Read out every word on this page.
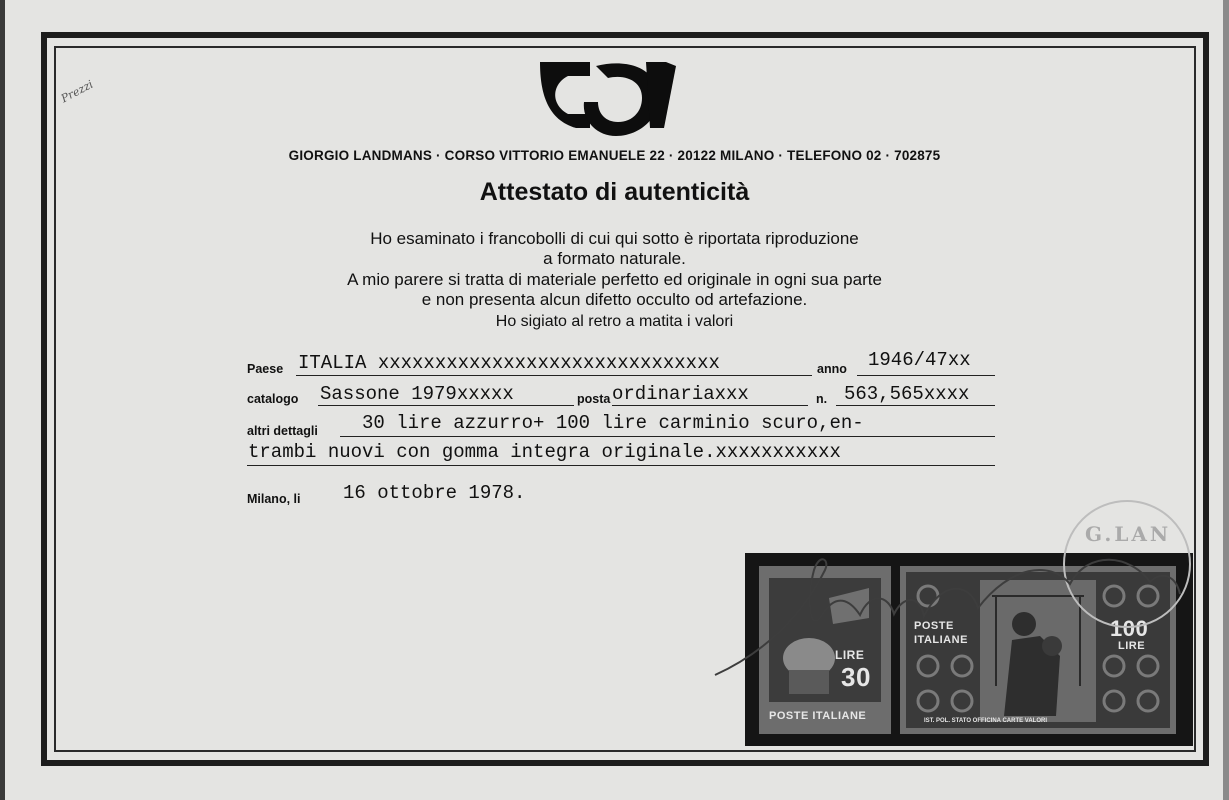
Prezzi
GIORGIO LANDMANS · CORSO VITTORIO EMANUELE 22 · 20122 MILANO · TELEFONO 02 · 702875
Attestato di autenticità
Ho esaminato i francobolli di cui qui sotto è riportata riproduzione
a formato naturale.
A mio parere si tratta di materiale perfetto ed originale in ogni sua parte
e non presenta alcun difetto occulto od artefazione.
Ho sigiato al retro a matita i valori
Paese ITALIA xxxxxxxxxxxxxxxxxxxxxxxxxxxxxx	anno 1946/47xx
catalogo Sassone 1979xxxxx	posta ordinariaxxx	n. 563,565xxxx
altri dettagli 30 lire azzurro+ 100 lire carminio scuro,en-
trambi nuovi con gomma integra originale.xxxxxxxxxxx
Milano, li 16 ottobre 1978.
LIRE
30
POSTE ITALIANE
POSTE
ITALIANE	100
LIRE
IST. POL. STATO OFFICINA CARTE VALORI
G.LAN
